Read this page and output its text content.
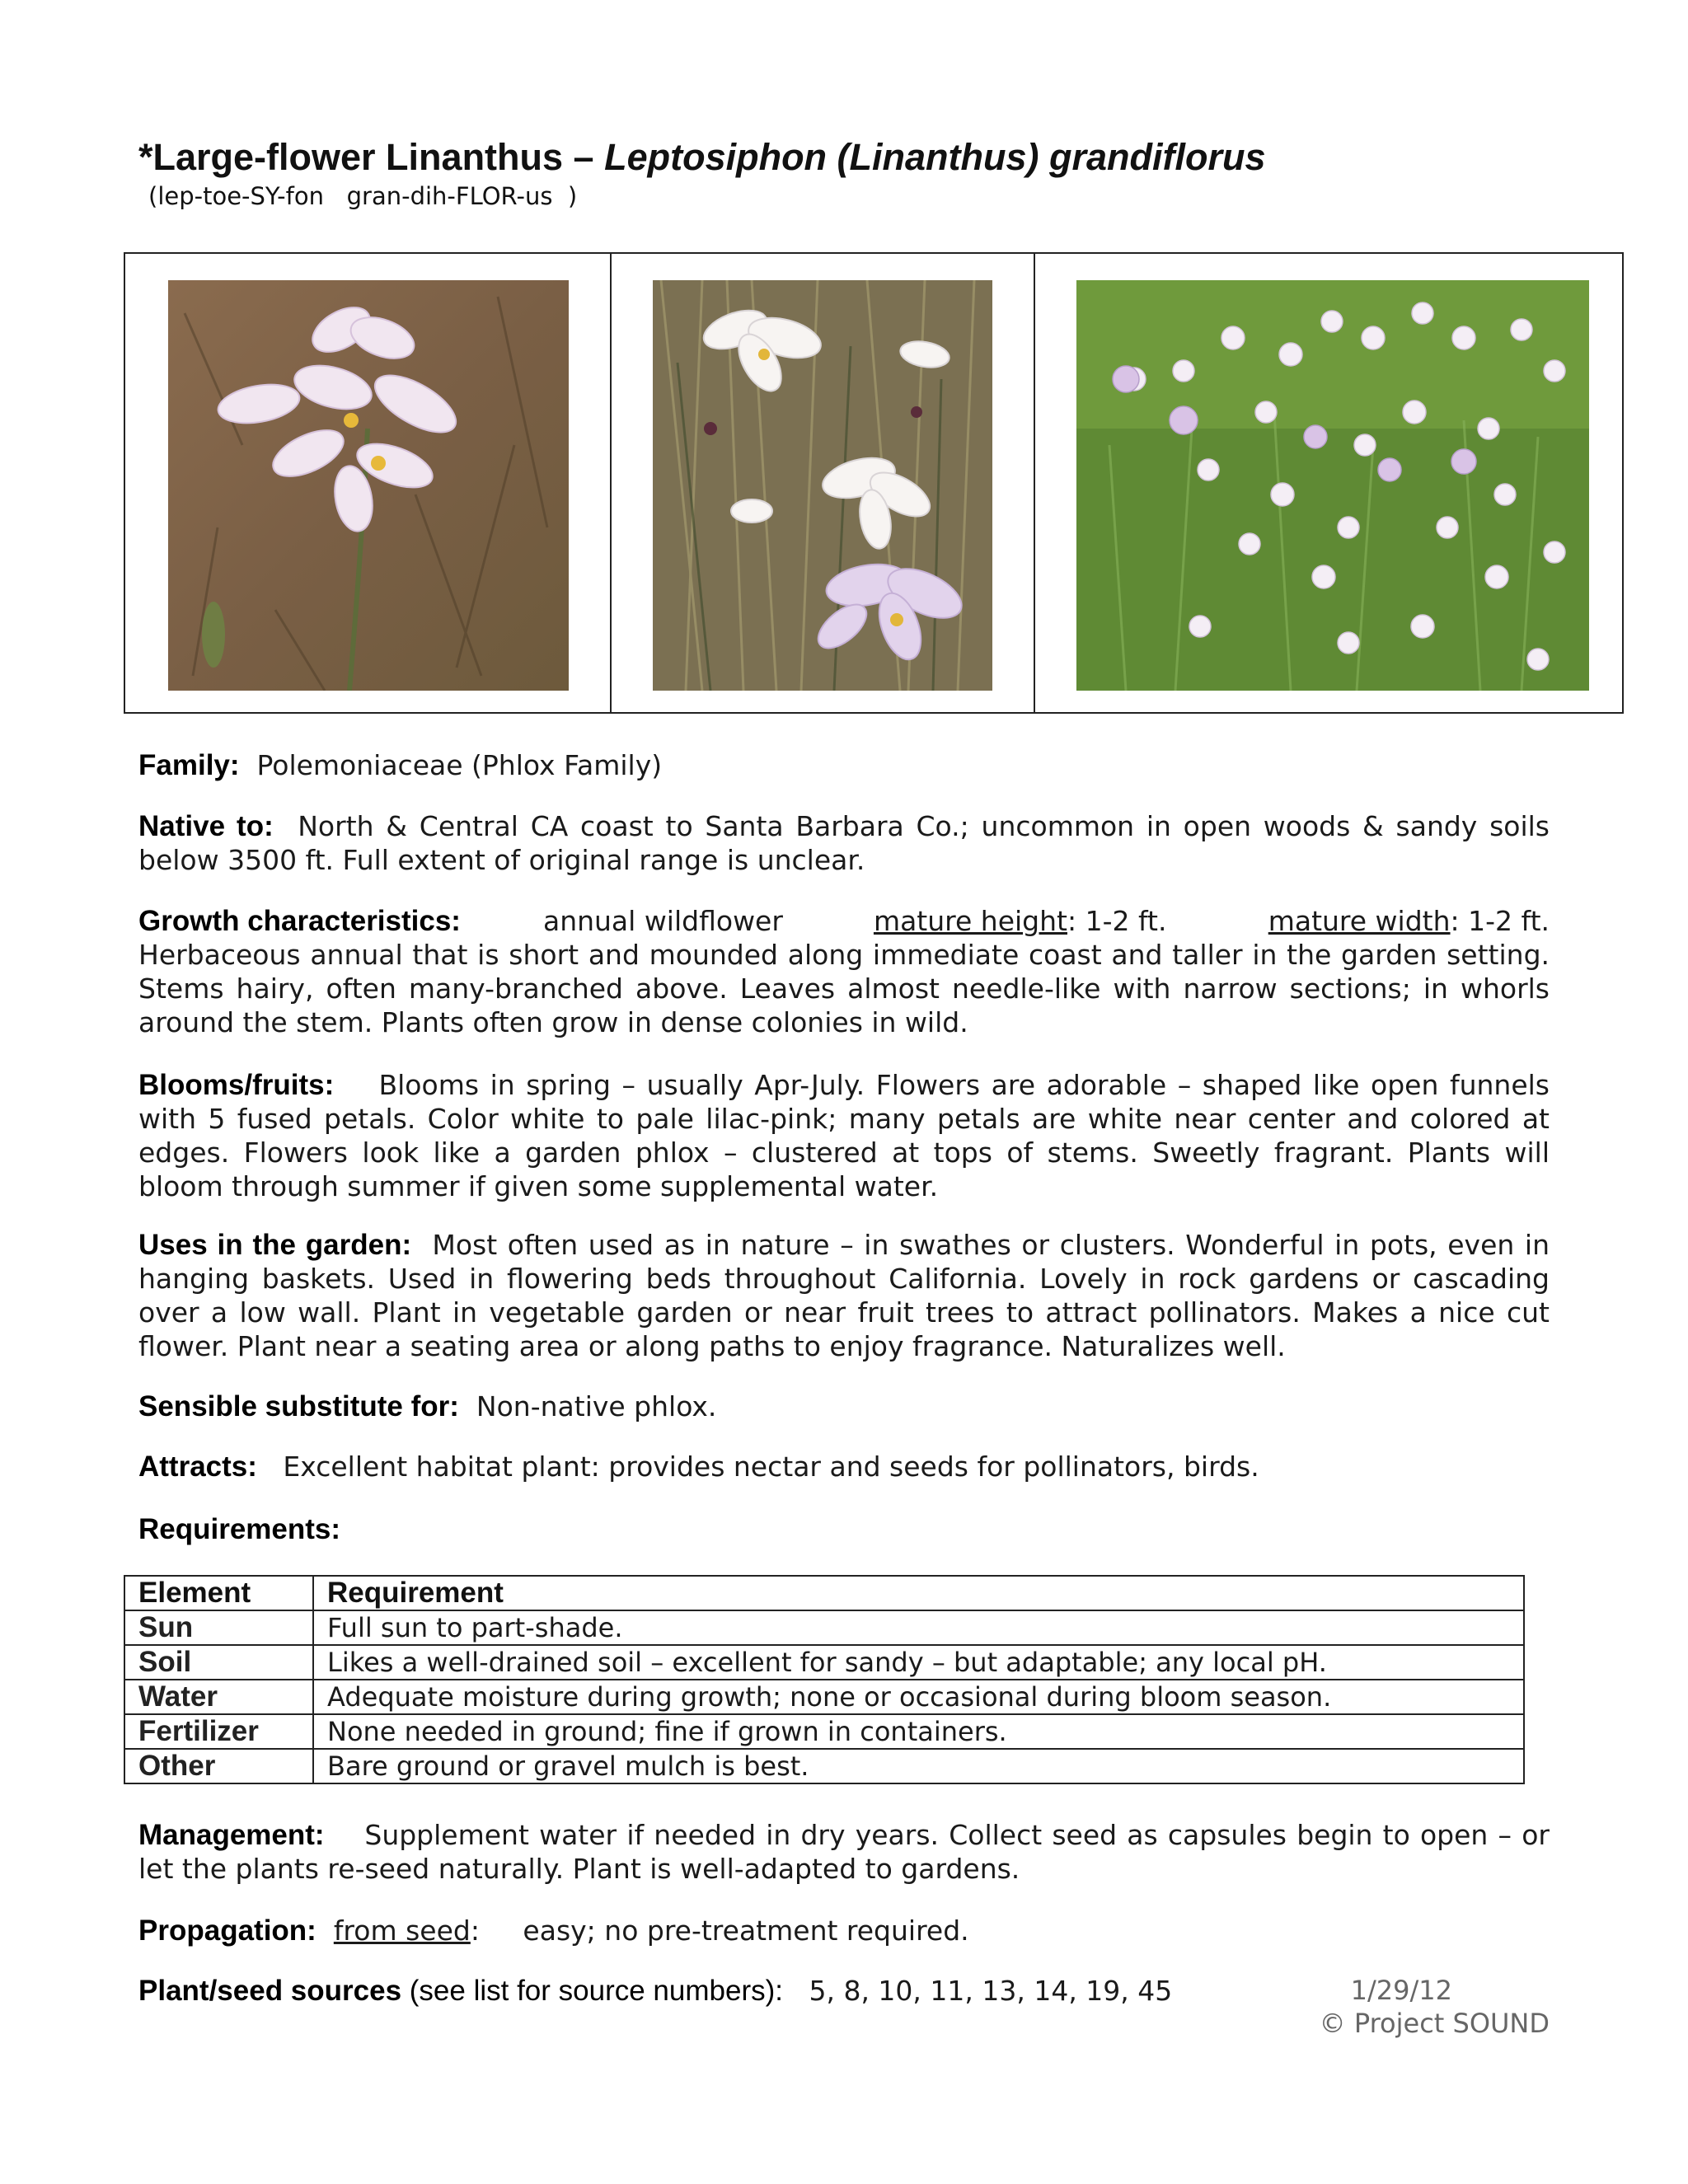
*Large-flower Linanthus – Leptosiphon (Linanthus) grandiflorus
(lep-toe-SY-fon   gran-dih-FLOR-us  )
Family: Polemoniaceae (Phlox Family)
Native to: North & Central CA coast to Santa Barbara Co.; uncommon in open woods & sandy soils below 3500 ft. Full extent of original range is unclear.
Growth characteristics:	annual wildflower	mature height: 1-2 ft.	mature width: 1-2 ft.
Herbaceous annual that is short and mounded along immediate coast and taller in the garden setting. Stems hairy, often many-branched above. Leaves almost needle-like with narrow sections; in whorls around the stem. Plants often grow in dense colonies in wild.
Blooms/fruits: Blooms in spring – usually Apr-July. Flowers are adorable – shaped like open funnels with 5 fused petals. Color white to pale lilac-pink; many petals are white near center and colored at edges. Flowers look like a garden phlox – clustered at tops of stems. Sweetly fragrant. Plants will bloom through summer if given some supplemental water.
Uses in the garden: Most often used as in nature – in swathes or clusters. Wonderful in pots, even in hanging baskets. Used in flowering beds throughout California. Lovely in rock gardens or cascading over a low wall. Plant in vegetable garden or near fruit trees to attract pollinators. Makes a nice cut flower. Plant near a seating area or along paths to enjoy fragrance. Naturalizes well.
Sensible substitute for: Non-native phlox.
Attracts: Excellent habitat plant: provides nectar and seeds for pollinators, birds.
Requirements:
Element	Requirement
Sun	Full sun to part-shade.
Soil	Likes a well-drained soil – excellent for sandy – but adaptable; any local pH.
Water	Adequate moisture during growth; none or occasional during bloom season.
Fertilizer	None needed in ground; fine if grown in containers.
Other	Bare ground or gravel mulch is best.
Management: Supplement water if needed in dry years. Collect seed as capsules begin to open – or let the plants re-seed naturally. Plant is well-adapted to gardens.
Propagation: from seed: easy; no pre-treatment required.
Plant/seed sources (see list for source numbers): 5, 8, 10, 11, 13, 14, 19, 45	1/29/12
© Project SOUND
